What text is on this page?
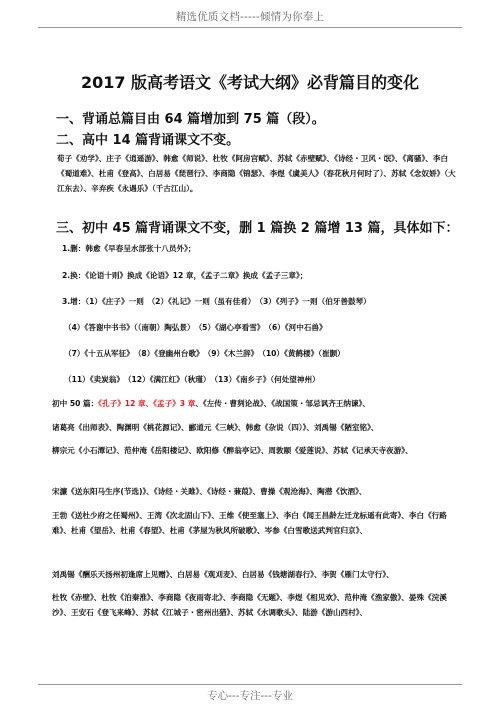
精选优质文档-----倾情为你奉上
2017 版高考语文《考试大纲》必背篇目的变化
一、背诵总篇目由 64 篇增加到 75 篇（段）。
二、高中 14 篇背诵课文不变。
荀子《劝学》、庄子《逍遥游》、韩愈《师说》、杜牧《阿房宫赋》、苏轼《赤壁赋》、《诗经・卫风・氓》、《离骚》、李白《蜀道难》、杜甫《登高》、白居易《琵琶行》、李商隐《锦瑟》、李煜《虞美人》（春花秋月何时了）、苏轼《念奴娇》（大江东去）、辛弃疾《永遇乐》（千古江山）。
三、初中 45 篇背诵课文不变，删 1 篇换 2 篇增 13 篇，具体如下：
1.删：韩愈《早春呈水部张十八员外》；
2.换：《论语十则》换成《论语》12 章，《孟子二章》换成《孟子三章》；
3.增：（1）《庄子》一则　（2）《礼记》一则（虽有佳肴）　（3）《列子》一则（伯牙善鼓琴）
（4）《答谢中书书》（（南朝）陶弘景）　（5）《湖心亭看雪》　（6）《河中石兽》
（7）《十五从军征》　（8）《登幽州台歌》　（9）《木兰辞》　（10）《黄鹤楼》（崔颢）
（11）《卖炭翁》　（12）《满江红》（秋瑾）　（13）《南乡子》（何处望神州）
初中 50 篇：《孔子》12 章、《孟子》3 章、《左传・曹刿论战》、《战国策・邹忌讽齐王纳谏》、
诸葛亮《出师表》、陶渊明《桃花源记》、郦道元《三峡》、韩愈《杂说（四）》、刘禹锡《陋室铭》、
柳宗元《小石潭记》、范仲淹《岳阳楼记》、欧阳修《醉翁亭记》、周敦颐《爱莲说》、苏轼《记承天寺夜游》、
宋濂《送东阳马生序(节选)》、《诗经・关雎》、《诗经・蒹葭》、曹操《观沧海》、陶潜《饮酒》、
王勃《送杜少府之任蜀州》、王湾《次北固山下》、王维《使至塞上》、李白《闻王昌龄左迁龙标遥有此寄》、李白《行路难》、杜甫《望岳》、杜甫《春望》、杜甫《茅屋为秋风所破歌》、岑参《白雪歌送武判官归京》、
刘禹锡《酬乐天扬州初逢席上见赠》、白居易《观刈麦》、白居易《钱塘湖春行》、李贺《雁门太守行》、
杜牧《赤壁》、杜牧《泊秦淮》、李商隐《夜雨寄北》、李商隐《无题》、李煜《相见欢》、范仲淹《渔家傲》、晏殊《浣溪沙》、王安石《登飞来峰》、苏轼《江城子・密州出猎》、苏轼《水调歌头》、陆游《游山西村》、
专心---专注---专业
